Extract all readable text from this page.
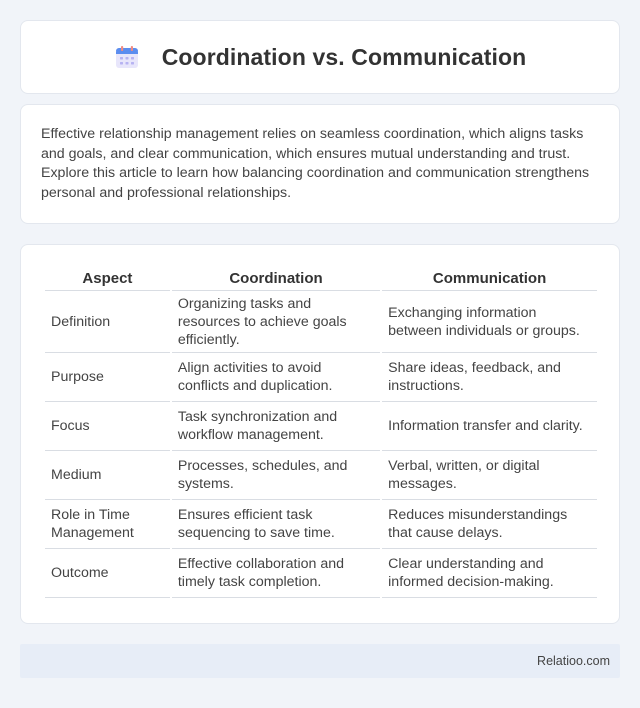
Coordination vs. Communication

Effective relationship management relies on seamless coordination, which aligns tasks and goals, and clear communication, which ensures mutual understanding and trust. Explore this article to learn how balancing coordination and communication strengthens personal and professional relationships.

Aspect	Coordination	Communication
Definition	Organizing tasks and resources to achieve goals efficiently.	Exchanging information between individuals or groups.
Purpose	Align activities to avoid conflicts and duplication.	Share ideas, feedback, and instructions.
Focus	Task synchronization and workflow management.	Information transfer and clarity.
Medium	Processes, schedules, and systems.	Verbal, written, or digital messages.
Role in Time Management	Ensures efficient task sequencing to save time.	Reduces misunderstandings that cause delays.
Outcome	Effective collaboration and timely task completion.	Clear understanding and informed decision-making.
Relatioo.com
